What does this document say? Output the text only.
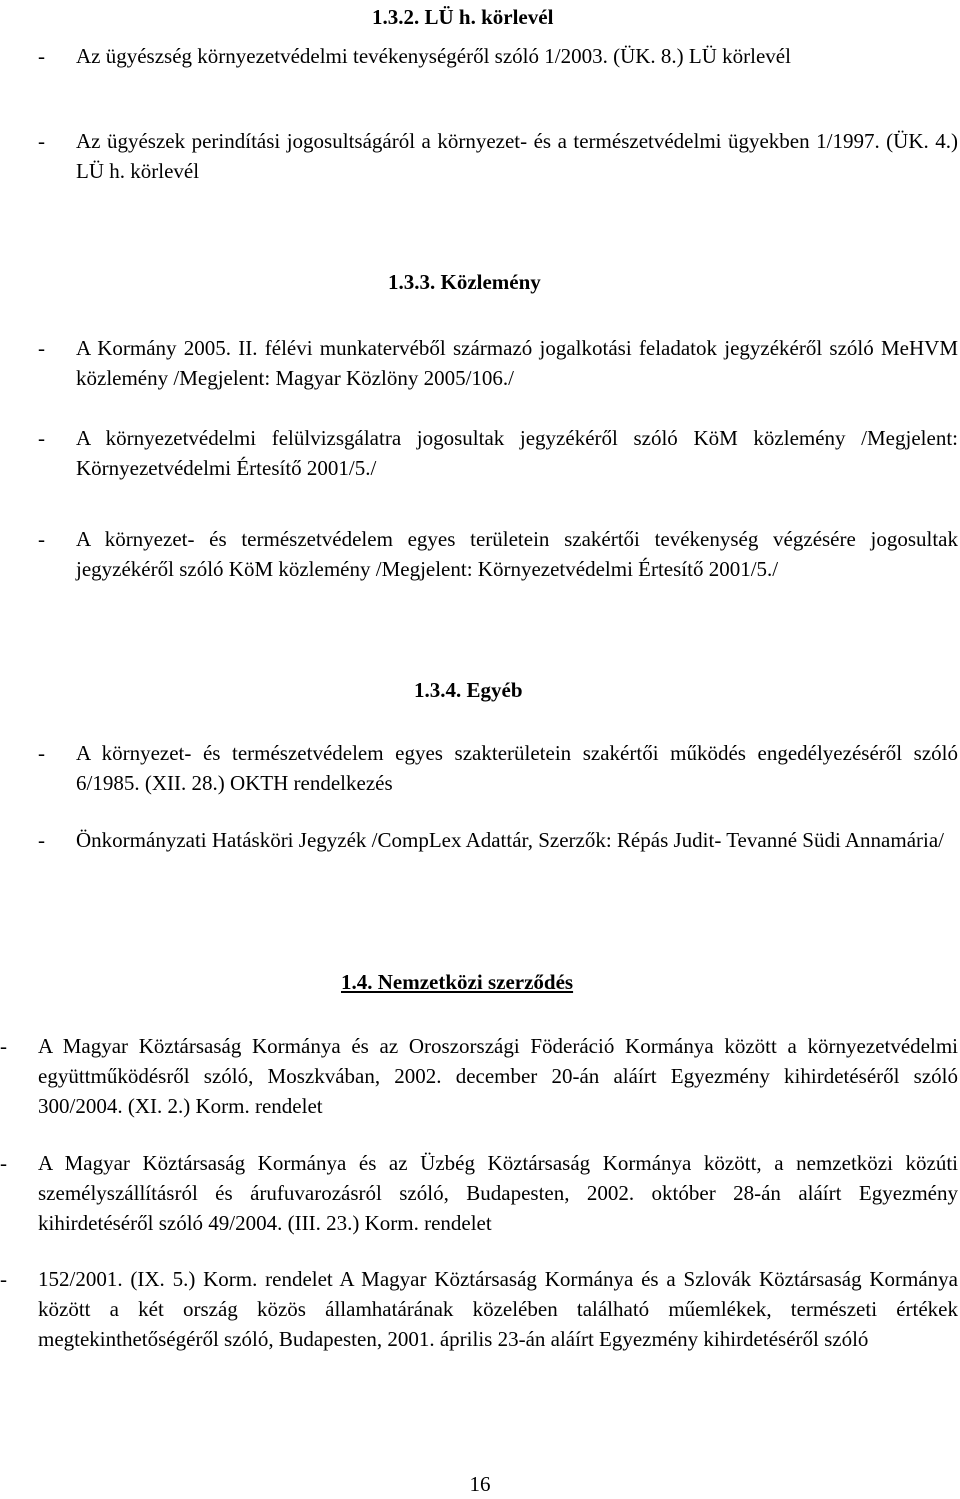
1.3.2. LÜ h. körlevél
- Az ügyészség környezetvédelmi tevékenységéről szóló 1/2003. (ÜK. 8.) LÜ körlevél
- Az ügyészek perindítási jogosultságáról a környezet- és a természetvédelmi ügyekben 1/1997. (ÜK. 4.) LÜ h. körlevél
1.3.3. Közlemény
- A Kormány 2005. II. félévi munkatervéből származó jogalkotási feladatok jegyzékéről szóló MeHVM közlemény /Megjelent: Magyar Közlöny 2005/106./
- A környezetvédelmi felülvizsgálatra jogosultak jegyzékéről szóló KöM közlemény /Megjelent: Környezetvédelmi Értesítő 2001/5./
- A környezet- és természetvédelem egyes területein szakértői tevékenység végzésére jogosultak jegyzékéről szóló KöM közlemény /Megjelent: Környezetvédelmi Értesítő 2001/5./
1.3.4. Egyéb
- A környezet- és természetvédelem egyes szakterületein szakértői működés engedélyezéséről szóló 6/1985. (XII. 28.) OKTH rendelkezés
- Önkormányzati Hatásköri Jegyzék /CompLex Adattár, Szerzők: Répás Judit- Tevanné Südi Annamária/
1.4. Nemzetközi szerződés
- A Magyar Köztársaság Kormánya és az Oroszországi Föderáció Kormánya között a környezetvédelmi együttműködésről szóló, Moszkvában, 2002. december 20-án aláírt Egyezmény kihirdetéséről szóló 300/2004. (XI. 2.) Korm. rendelet
- A Magyar Köztársaság Kormánya és az Üzbég Köztársaság Kormánya között, a nemzetközi közúti személyszállításról és árufuvarozásról szóló, Budapesten, 2002. október 28-án aláírt Egyezmény kihirdetéséről szóló 49/2004. (III. 23.) Korm. rendelet
- 152/2001. (IX. 5.) Korm. rendelet A Magyar Köztársaság Kormánya és a Szlovák Köztársaság Kormánya között a két ország közös államhatárának közelében található műemlékek, természeti értékek megtekinthetőségéről szóló, Budapesten, 2001. április 23-án aláírt Egyezmény kihirdetéséről szóló
16
